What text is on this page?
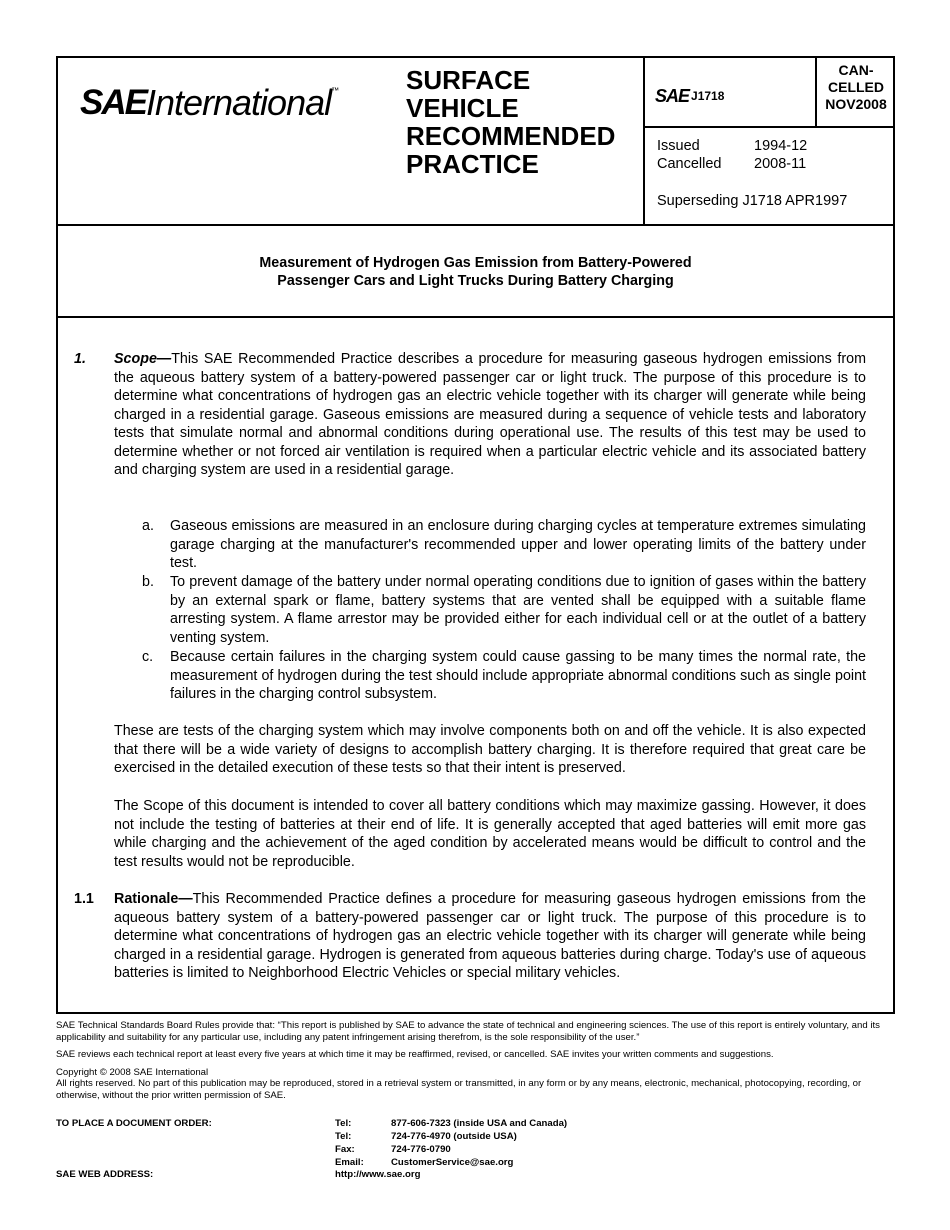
SAEInternational™	SURFACE
VEHICLE
RECOMMENDED
PRACTICE
SAE J1718
CAN-
CELLED
NOV2008
Issued	1994-12
Cancelled	2008-11
Superseding J1718 APR1997
Measurement of Hydrogen Gas Emission from Battery-Powered
Passenger Cars and Light Trucks During Battery Charging
1. Scope—This SAE Recommended Practice describes a procedure for measuring gaseous hydrogen emissions from the aqueous battery system of a battery-powered passenger car or light truck. The purpose of this procedure is to determine what concentrations of hydrogen gas an electric vehicle together with its charger will generate while being charged in a residential garage. Gaseous emissions are measured during a sequence of vehicle tests and laboratory tests that simulate normal and abnormal conditions during operational use. The results of this test may be used to determine whether or not forced air ventilation is required when a particular electric vehicle and its associated battery and charging system are used in a residential garage.
a. Gaseous emissions are measured in an enclosure during charging cycles at temperature extremes simulating garage charging at the manufacturer's recommended upper and lower operating limits of the battery under test.
b. To prevent damage of the battery under normal operating conditions due to ignition of gases within the battery by an external spark or flame, battery systems that are vented shall be equipped with a suitable flame arresting system. A flame arrestor may be provided either for each individual cell or at the outlet of a battery venting system.
c. Because certain failures in the charging system could cause gassing to be many times the normal rate, the measurement of hydrogen during the test should include appropriate abnormal conditions such as single point failures in the charging control subsystem.
These are tests of the charging system which may involve components both on and off the vehicle. It is also expected that there will be a wide variety of designs to accomplish battery charging. It is therefore required that great care be exercised in the detailed execution of these tests so that their intent is preserved.
The Scope of this document is intended to cover all battery conditions which may maximize gassing. However, it does not include the testing of batteries at their end of life. It is generally accepted that aged batteries will emit more gas while charging and the achievement of the aged condition by accelerated means would be difficult to control and the test results would not be reproducible.
1.1 Rationale—This Recommended Practice defines a procedure for measuring gaseous hydrogen emissions from the aqueous battery system of a battery-powered passenger car or light truck. The purpose of this procedure is to determine what concentrations of hydrogen gas an electric vehicle together with its charger will generate while being charged in a residential garage. Hydrogen is generated from aqueous batteries during charge. Today's use of aqueous batteries is limited to Neighborhood Electric Vehicles or special military vehicles.

SAE Technical Standards Board Rules provide that: “This report is published by SAE to advance the state of technical and engineering sciences. The use of this report is entirely voluntary, and its applicability and suitability for any particular use, including any patent infringement arising therefrom, is the sole responsibility of the user.”

SAE reviews each technical report at least every five years at which time it may be reaffirmed, revised, or cancelled. SAE invites your written comments and suggestions.

Copyright © 2008 SAE International
All rights reserved. No part of this publication may be reproduced, stored in a retrieval system or transmitted, in any form or by any means, electronic, mechanical, photocopying, recording, or otherwise, without the prior written permission of SAE.
TO PLACE A DOCUMENT ORDER:	Tel:	877-606-7323 (inside USA and Canada)
Tel:	724-776-4970 (outside USA)
Fax:	724-776-0790
Email:	CustomerService@sae.org
SAE WEB ADDRESS:	http://www.sae.org
